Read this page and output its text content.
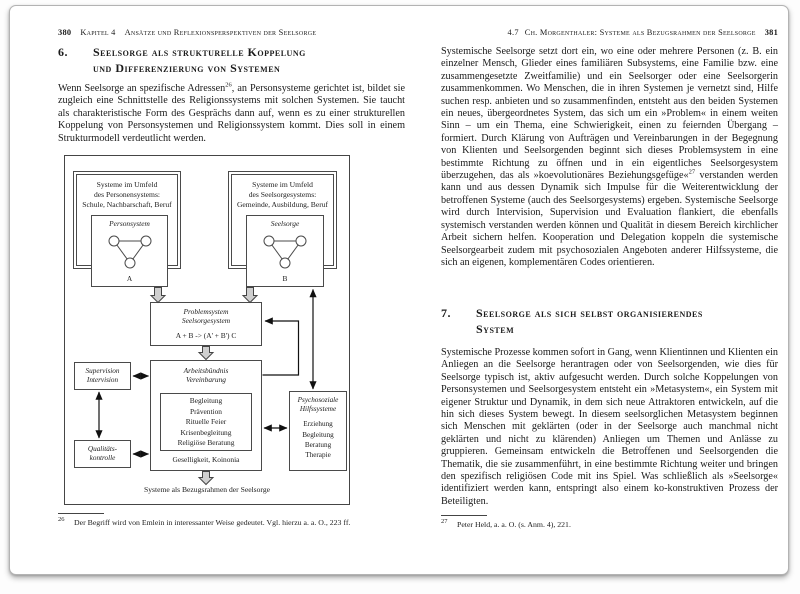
380 Kapitel 4 Ansätze und Reflexionsperspektiven der Seelsorge
6.	Seelsorge als strukturelle Koppelung
und Differenzierung von Systemen
Wenn Seelsorge an spezifische Adressen$^{26}$, an Personsysteme gerichtet ist, bildet sie zugleich eine Schnittstelle des Religionssystems mit solchen Systemen. Sie taucht als charakteristische Form des Gesprächs dann auf, wenn es zu einer strukturellen Koppelung von Personsystemen und Religionssystem kommt. Dies soll in einem Strukturmodell verdeutlicht werden.
Systeme im Umfeld
des Personensystems:
Schule, Nachbarschaft, Beruf
Systeme im Umfeld
des Seelsorgesystems:
Gemeinde, Ausbildung, Beruf
Personsystem
A
Seelsorge
B
Problemsystem
Seelsorgesystem
A + B -> (A' + B') C
Arbeitsbündnis
Vereinbarung
Begleitung
Prävention
Rituelle Feier
Krisenbegleitung
Religiöse Beratung
Geselligkeit, Koinonia
Supervision
Intervision
Qualitäts-
kontrolle
Psychosoziale
Hilfssysteme
Erziehung
Begleitung
Beratung
Therapie
Systeme als Bezugsrahmen der Seelsorge
$^{26}$	Der Begriff wird von Emlein in interessanter Weise gedeutet. Vgl. hierzu a. a. O., 223 ff.
4.7 Ch. Morgenthaler: Systeme als Bezugsrahmen der Seelsorge 381
Systemische Seelsorge setzt dort ein, wo eine oder mehrere Personen (z. B. ein einzelner Mensch, Glieder eines familiären Subsystems, eine Familie bzw. eine zusammengesetzte Zweitfamilie) und ein Seelsorger oder eine Seelsorgerin zusammenkommen. Wo Menschen, die in ihren Systemen je vernetzt sind, Hilfe suchen resp. anbieten und so zusammenfinden, entsteht aus den beiden Systemen ein neues, übergeordnetes System, das sich um ein »Problem« in einem weiten Sinn – um ein Thema, eine Schwierigkeit, einen zu feiernden Übergang – formiert. Durch Klärung von Aufträgen und Vereinbarungen in der Begegnung von Klienten und Seelsorgenden beginnt sich dieses Problemsystem in eine bestimmte Richtung zu öffnen und in ein eigentliches Seelsorgesystem überzugehen, das als »koevolutionäres Beziehungsgefüge«$^{27}$ verstanden werden kann und aus dessen Dynamik sich Impulse für die Weiterentwicklung der betroffenen Systeme (auch des Seelsorgesystems) ergeben. Systemische Seelsorge wird durch Intervision, Supervision und Evaluation flankiert, die ebenfalls systemisch verstanden werden können und Qualität in diesem Bereich kirchlicher Arbeit sichern helfen. Kooperation und Delegation koppeln die systemische Seelsorgearbeit zudem mit psychosozialen Angeboten anderer Hilfssysteme, die sich an eigenen, komplementären Codes orientieren.
7.	Seelsorge als sich selbst organisierendes
System
Systemische Prozesse kommen sofort in Gang, wenn Klientinnen und Klienten ein Anliegen an die Seelsorge herantragen oder von Seelsorgenden, wie dies für Seelsorge typisch ist, aktiv aufgesucht werden. Durch solche Koppelungen von Personsystemen und Seelsorgesystem entsteht ein »Metasystem«, ein System mit eigener Struktur und Dynamik, in dem sich neue Attraktoren entwickeln, auf die hin sich dieses System bewegt. In diesem seelsorglichen Metasystem beginnen sich Menschen mit geklärten (oder in der Seelsorge auch manchmal nicht geklärten und nicht zu klärenden) Anliegen um Themen und Anlässe zu gruppieren. Gemeinsam entwickeln die Betroffenen und Seelsorgenden die Thematik, die sie zusammenführt, in eine bestimmte Richtung weiter und bringen den spezifisch religiösen Code mit ins Spiel. Was schließlich als »Seelsorge« identifiziert werden kann, entspringt also einem ko-konstruktiven Prozess der Beteiligten.
$^{27}$	Peter Held, a. a. O. (s. Anm. 4), 221.
